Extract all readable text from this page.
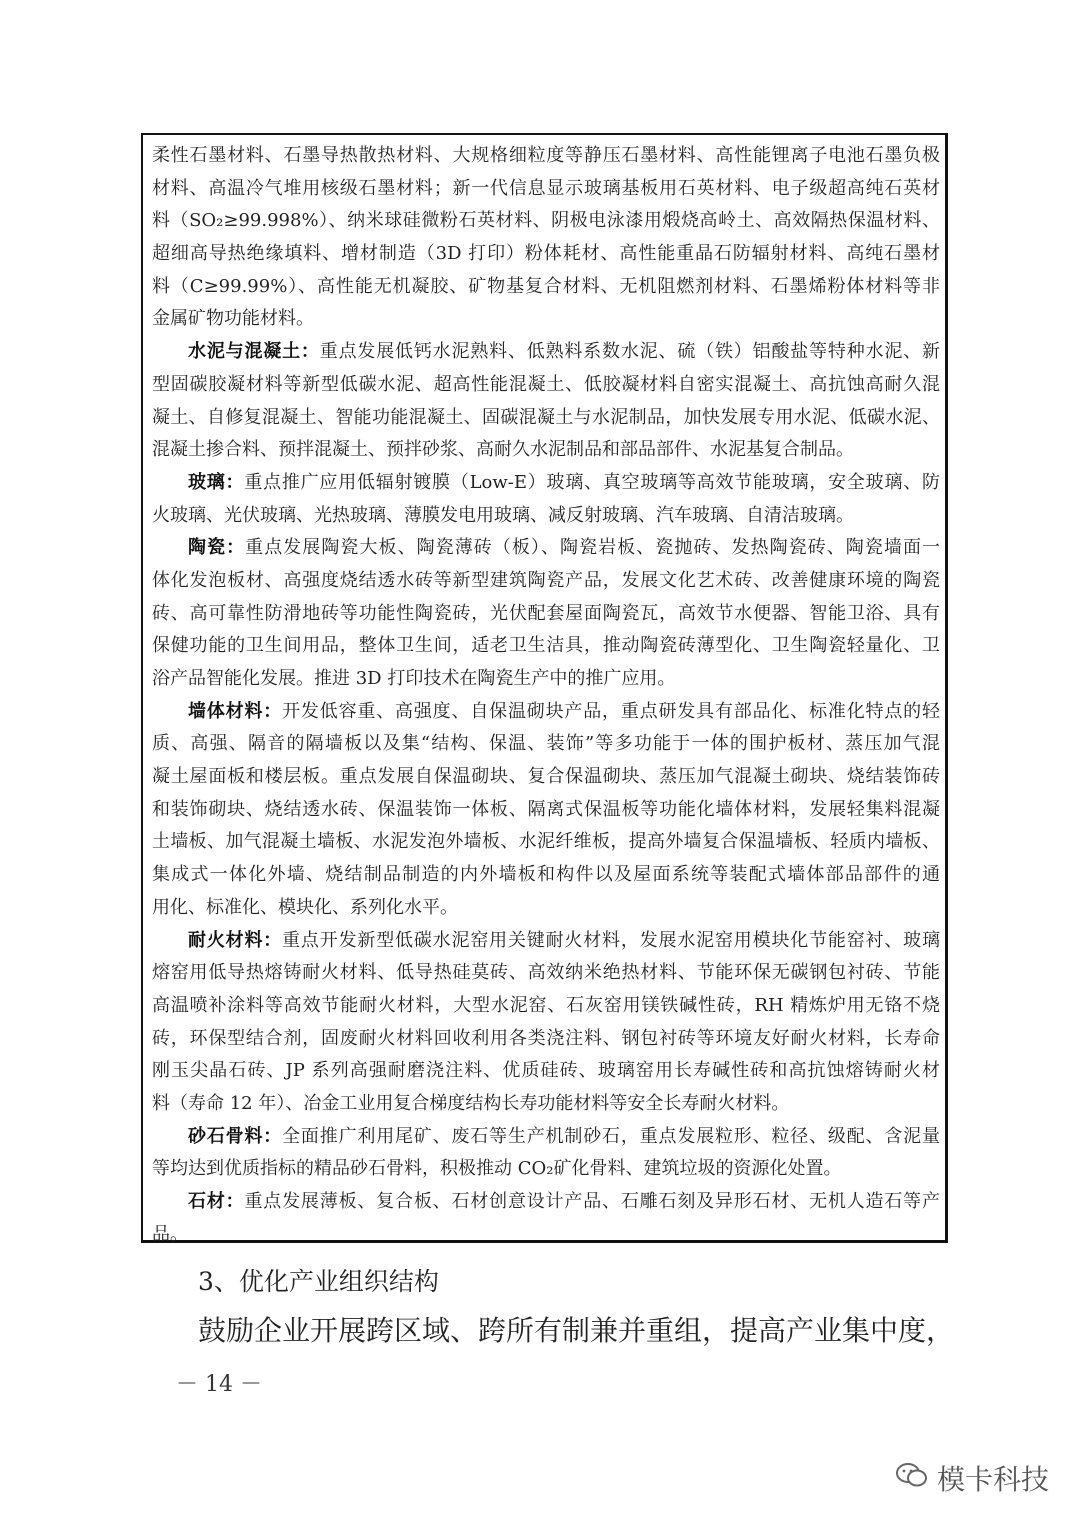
柔性石墨材料、石墨导热散热材料、大规格细粒度等静压石墨材料、高性能锂离子电池石墨负极
材料、高温冷气堆用核级石墨材料；新一代信息显示玻璃基板用石英材料、电子级超高纯石英材
料（SO₂≥99.998%）、纳米球硅微粉石英材料、阴极电泳漆用煅烧高岭土、高效隔热保温材料、
超细高导热绝缘填料、增材制造（3D 打印）粉体耗材、高性能重晶石防辐射材料、高纯石墨材
料（C≥99.99%）、高性能无机凝胶、矿物基复合材料、无机阻燃剂材料、石墨烯粉体材料等非
金属矿物功能材料。
水泥与混凝土：重点发展低钙水泥熟料、低熟料系数水泥、硫（铁）铝酸盐等特种水泥、新
型固碳胶凝材料等新型低碳水泥、超高性能混凝土、低胶凝材料自密实混凝土、高抗蚀高耐久混
凝土、自修复混凝土、智能功能混凝土、固碳混凝土与水泥制品，加快发展专用水泥、低碳水泥、
混凝土掺合料、预拌混凝土、预拌砂浆、高耐久水泥制品和部品部件、水泥基复合制品。
玻璃：重点推广应用低辐射镀膜（Low-E）玻璃、真空玻璃等高效节能玻璃，安全玻璃、防
火玻璃、光伏玻璃、光热玻璃、薄膜发电用玻璃、减反射玻璃、汽车玻璃、自清洁玻璃。
陶瓷：重点发展陶瓷大板、陶瓷薄砖（板）、陶瓷岩板、瓷抛砖、发热陶瓷砖、陶瓷墙面一
体化发泡板材、高强度烧结透水砖等新型建筑陶瓷产品，发展文化艺术砖、改善健康环境的陶瓷
砖、高可靠性防滑地砖等功能性陶瓷砖，光伏配套屋面陶瓷瓦，高效节水便器、智能卫浴、具有
保健功能的卫生间用品，整体卫生间，适老卫生洁具，推动陶瓷砖薄型化、卫生陶瓷轻量化、卫
浴产品智能化发展。推进 3D 打印技术在陶瓷生产中的推广应用。
墙体材料：开发低容重、高强度、自保温砌块产品，重点研发具有部品化、标准化特点的轻
质、高强、隔音的隔墙板以及集“结构、保温、装饰”等多功能于一体的围护板材、蒸压加气混
凝土屋面板和楼层板。重点发展自保温砌块、复合保温砌块、蒸压加气混凝土砌块、烧结装饰砖
和装饰砌块、烧结透水砖、保温装饰一体板、隔离式保温板等功能化墙体材料，发展轻集料混凝
土墙板、加气混凝土墙板、水泥发泡外墙板、水泥纤维板，提高外墙复合保温墙板、轻质内墙板、
集成式一体化外墙、烧结制品制造的内外墙板和构件以及屋面系统等装配式墙体部品部件的通
用化、标准化、模块化、系列化水平。
耐火材料：重点开发新型低碳水泥窑用关键耐火材料，发展水泥窑用模块化节能窑衬、玻璃
熔窑用低导热熔铸耐火材料、低导热硅莫砖、高效纳米绝热材料、节能环保无碳钢包衬砖、节能
高温喷补涂料等高效节能耐火材料，大型水泥窑、石灰窑用镁铁碱性砖，RH 精炼炉用无铬不烧
砖，环保型结合剂，固废耐火材料回收利用各类浇注料、钢包衬砖等环境友好耐火材料，长寿命
刚玉尖晶石砖、JP 系列高强耐磨浇注料、优质硅砖、玻璃窑用长寿碱性砖和高抗蚀熔铸耐火材
料（寿命 12 年）、冶金工业用复合梯度结构长寿功能材料等安全长寿耐火材料。
砂石骨料：全面推广利用尾矿、废石等生产机制砂石，重点发展粒形、粒径、级配、含泥量
等均达到优质指标的精品砂石骨料，积极推动 CO₂矿化骨料、建筑垃圾的资源化处置。
石材：重点发展薄板、复合板、石材创意设计产品、石雕石刻及异形石材、无机人造石等产
品。
3、优化产业组织结构
鼓励企业开展跨区域、跨所有制兼并重组，提高产业集中度，
－ 14 －
模卡科技
